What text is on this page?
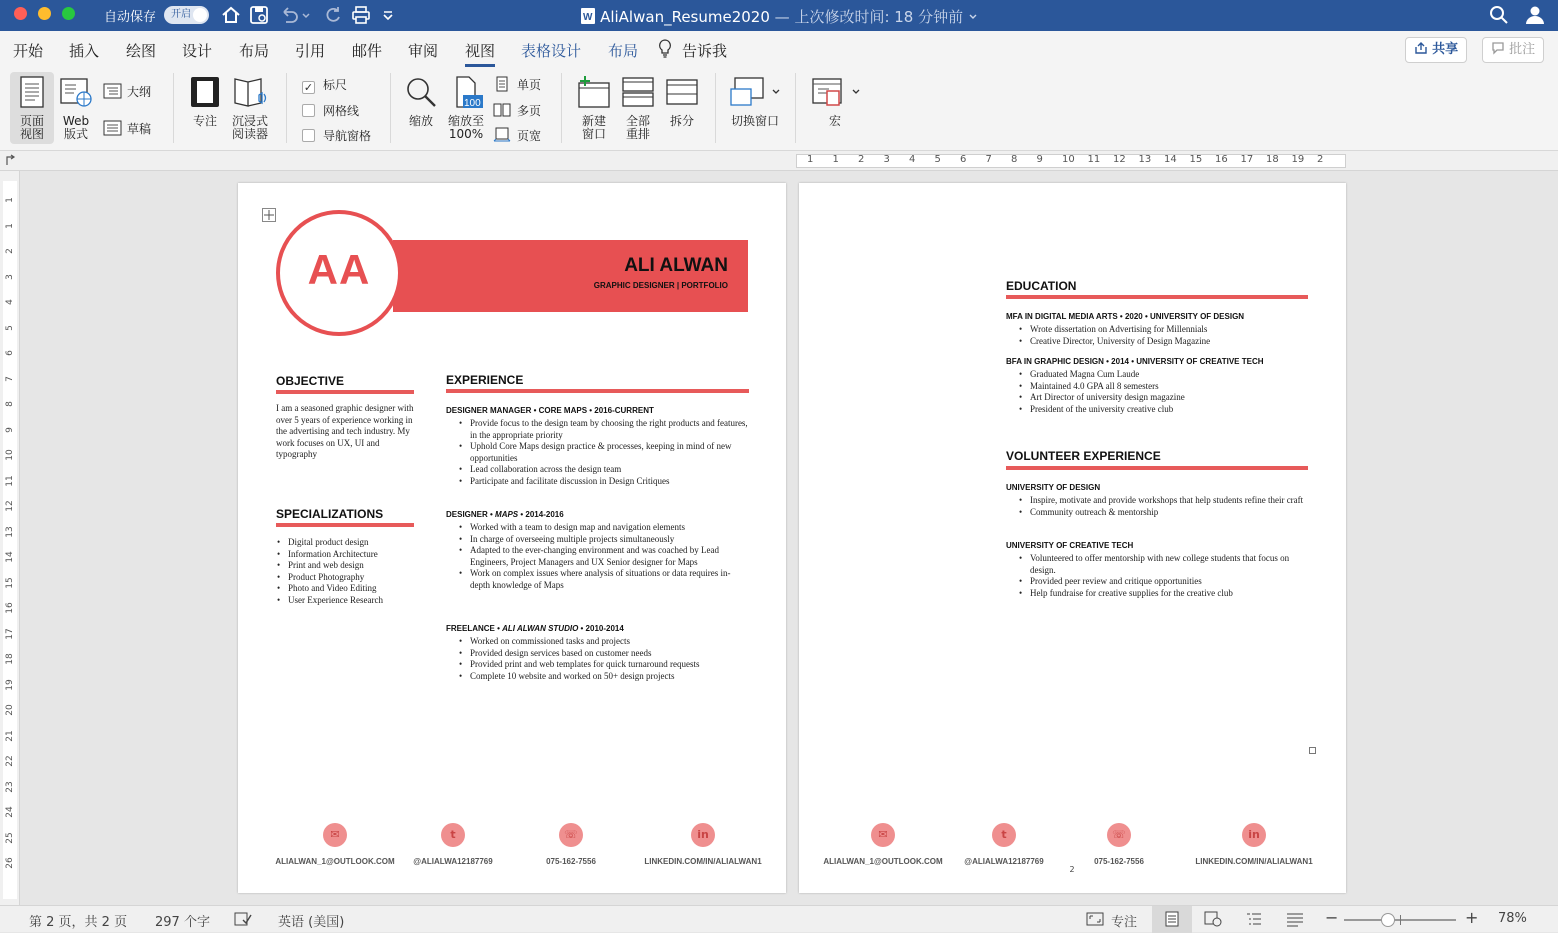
自动保存	开启	W AliAlwan_Resume2020 — 上次修改时间: 18 分钟前
开始 插入 绘图 设计 布局 引用 邮件 审阅 视图 表格设计 布局	告诉我	共享	批注
页面
视图
Web
版式
大纲
草稿
专注	沉浸式
阅读器
✓ 标尺
网格线
导航窗格
缩放
100
缩放至
100%
单页
多页
页宽
新建
窗口
全部
重排
拆分	切换窗口	宏
1 1 2 3 4 5 6 7 8 9 10 11 12 13 14 15 16 17 18 19 2
1
1
2
3
4
5
6
7
8
9
10
11
12
13
14
15
16
17
18
19
20
21
22
23
24
25
26
AA	ALI ALWAN
GRAPHIC DESIGNER | PORTFOLIO
OBJECTIVE
I am a seasoned graphic designer with over 5 years of experience working in the advertising and tech industry. My work focuses on UX, UI and typography
SPECIALIZATIONS
• Digital product design
• Information Architecture
• Print and web design
• Product Photography
• Photo and Video Editing
• User Experience Research
EXPERIENCE
DESIGNER MANAGER • CORE MAPS • 2016-CURRENT
• Provide focus to the design team by choosing the right products and features, in the appropriate priority
• Uphold Core Maps design practice & processes, keeping in mind of new opportunities
• Lead collaboration across the design team
• Participate and facilitate discussion in Design Critiques
DESIGNER • MAPS • 2014-2016
• Worked with a team to design map and navigation elements
• In charge of overseeing multiple projects simultaneously
• Adapted to the ever-changing environment and was coached by Lead Engineers, Project Managers and UX Senior designer for Maps
• Work on complex issues where analysis of situations or data requires in-depth knowledge of Maps
FREELANCE • ALI ALWAN STUDIO • 2010-2014
• Worked on commissioned tasks and projects
• Provided design services based on customer needs
• Provided print and web templates for quick turnaround requests
• Complete 10 website and worked on 50+ design projects
✉
ALIALWAN_1@OUTLOOK.COM
t
@ALIALWA12187769
☏
075-162-7556
in
LINKEDIN.COM/IN/ALIALWAN1
EDUCATION
MFA IN DIGITAL MEDIA ARTS • 2020 • UNIVERSITY OF DESIGN
• Wrote dissertation on Advertising for Millennials
• Creative Director, University of Design Magazine
BFA IN GRAPHIC DESIGN • 2014 • UNIVERSITY OF CREATIVE TECH
• Graduated Magna Cum Laude
• Maintained 4.0 GPA all 8 semesters
• Art Director of university design magazine
• President of the university creative club
VOLUNTEER EXPERIENCE
UNIVERSITY OF DESIGN
• Inspire, motivate and provide workshops that help students refine their craft
• Community outreach & mentorship
UNIVERSITY OF CREATIVE TECH
• Volunteered to offer mentorship with new college students that focus on design.
• Provided peer review and critique opportunities
• Help fundraise for creative supplies for the creative club
✉
ALIALWAN_1@OUTLOOK.COM
t
@ALIALWA12187769
☏
075-162-7556
in
LINKEDIN.COM/IN/ALIALWAN1
2
第 2 页，共 2 页 297 个字	英语 (美国)	专注	−	+ 78%
